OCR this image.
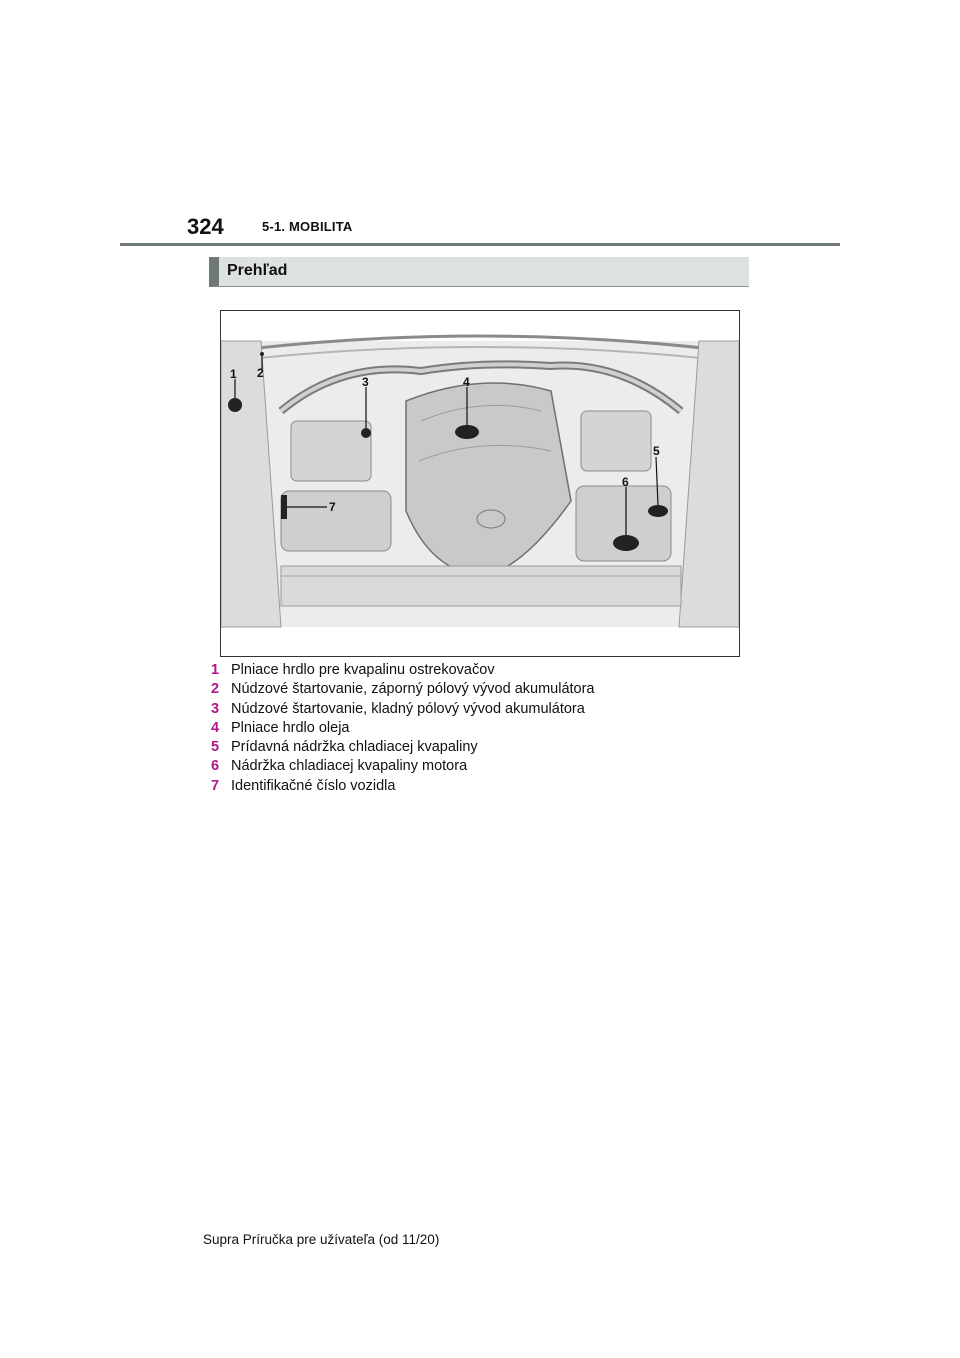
324	5-1. MOBILITA
Prehľad
1 2
3	4
5
6
7
1 Plniace hrdlo pre kvapalinu ostrekovačov
2 Núdzové štartovanie, záporný pólový vývod akumulátora
3 Núdzové štartovanie, kladný pólový vývod akumulátora
4 Plniace hrdlo oleja
5 Prídavná nádržka chladiacej kvapaliny
6 Nádržka chladiacej kvapaliny motora
7 Identifikačné číslo vozidla
Supra Príručka pre užívateľa (od 11/20)
